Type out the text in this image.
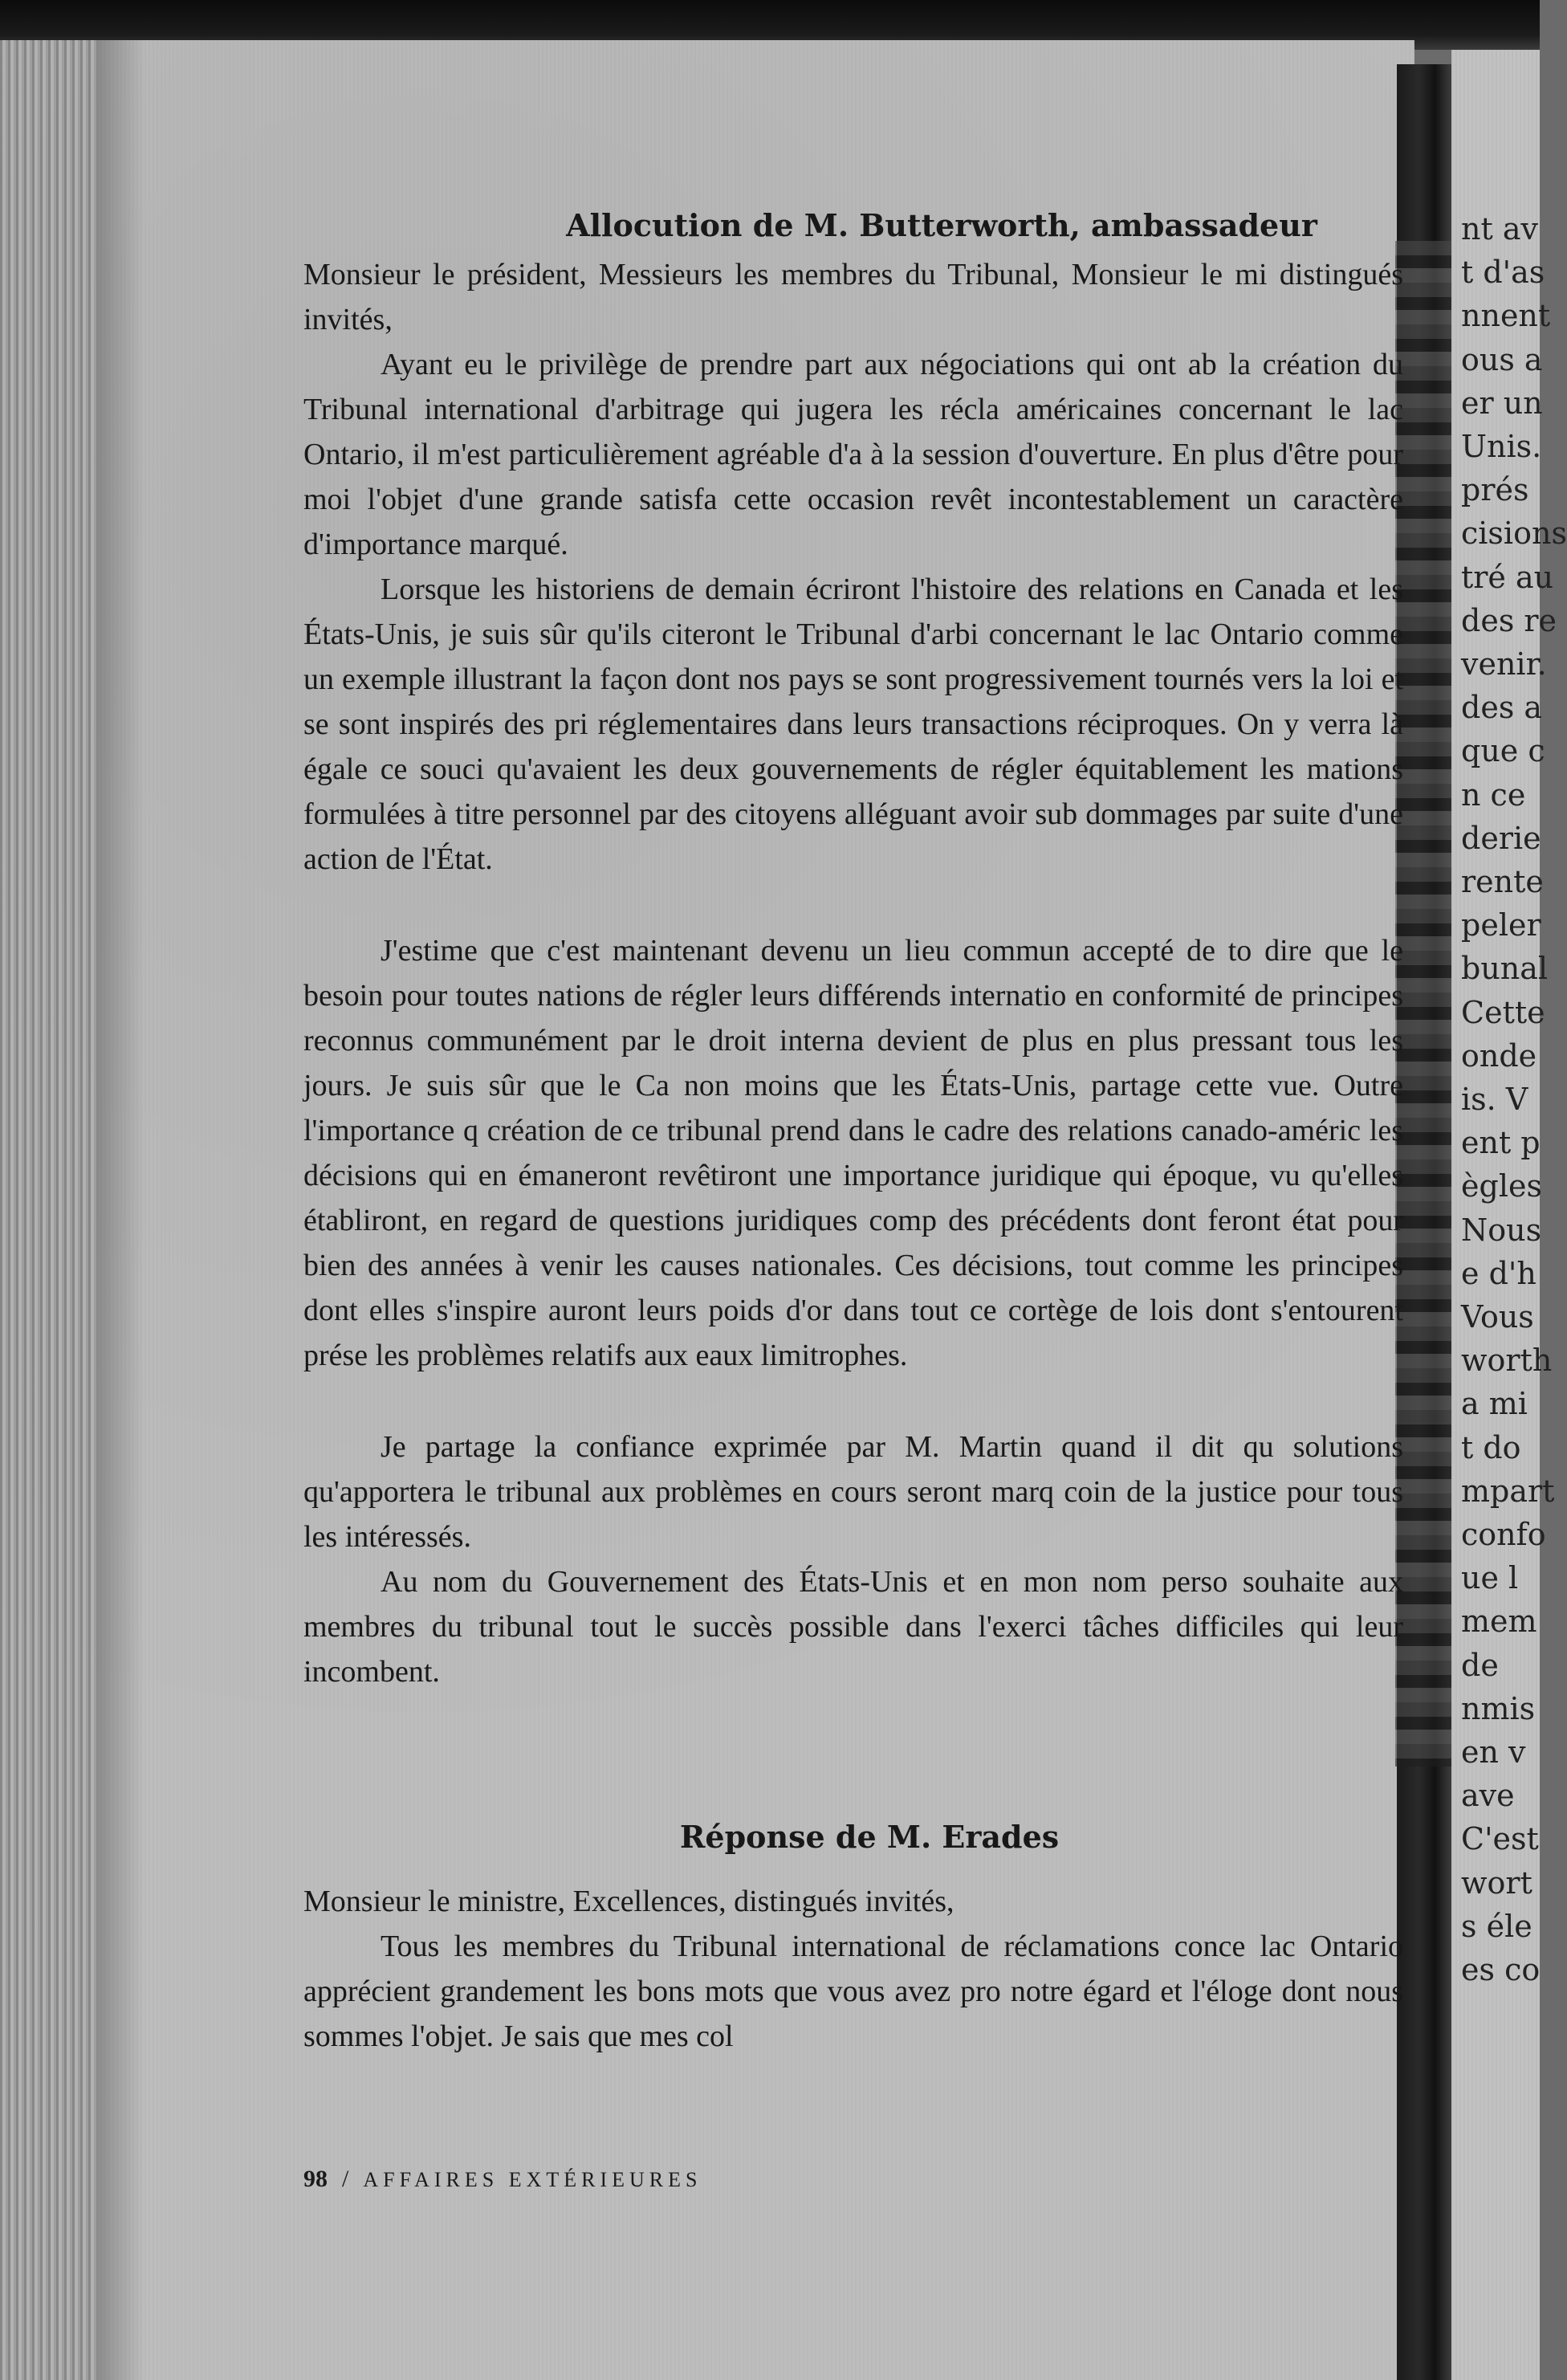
nt av
t d'as
nnent
ous a
er un
Unis.
prés
cisions
tré au
des re
venir.
des a
que c
n ce
derie
rente
peler
bunal
Cette
onde
is. V
ent p
ègles
Nous
e d'h
Vous
worth
a mi
t do
mpart
confo
ue l
mem
de
nmis
en v
ave
C'est
wort
s éle
es co
Allocution de M. Butterworth, ambassadeur
Monsieur le président, Messieurs les membres du Tribunal, Monsieur le mi distingués invités,
Ayant eu le privilège de prendre part aux négociations qui ont ab la création du Tribunal international d'arbitrage qui jugera les récla américaines concernant le lac Ontario, il m'est particulièrement agréable d'a à la session d'ouverture. En plus d'être pour moi l'objet d'une grande satisfa cette occasion revêt incontestablement un caractère d'importance marqué.
Lorsque les historiens de demain écriront l'histoire des relations en Canada et les États-Unis, je suis sûr qu'ils citeront le Tribunal d'arbi concernant le lac Ontario comme un exemple illustrant la façon dont nos pays se sont progressivement tournés vers la loi et se sont inspirés des pri réglementaires dans leurs transactions réciproques. On y verra là égale ce souci qu'avaient les deux gouvernements de régler équitablement les mations formulées à titre personnel par des citoyens alléguant avoir sub dommages par suite d'une action de l'État.
J'estime que c'est maintenant devenu un lieu commun accepté de to dire que le besoin pour toutes nations de régler leurs différends internatio en conformité de principes reconnus communément par le droit interna devient de plus en plus pressant tous les jours. Je suis sûr que le Ca non moins que les États-Unis, partage cette vue. Outre l'importance q création de ce tribunal prend dans le cadre des relations canado-améric les décisions qui en émaneront revêtiront une importance juridique qui époque, vu qu'elles établiront, en regard de questions juridiques comp des précédents dont feront état pour bien des années à venir les causes nationales. Ces décisions, tout comme les principes dont elles s'inspire auront leurs poids d'or dans tout ce cortège de lois dont s'entourent prése les problèmes relatifs aux eaux limitrophes.
Je partage la confiance exprimée par M. Martin quand il dit qu solutions qu'apportera le tribunal aux problèmes en cours seront marq coin de la justice pour tous les intéressés.
Au nom du Gouvernement des États-Unis et en mon nom perso souhaite aux membres du tribunal tout le succès possible dans l'exerci tâches difficiles qui leur incombent.
Réponse de M. Erades
Monsieur le ministre, Excellences, distingués invités,
Tous les membres du Tribunal international de réclamations conce lac Ontario apprécient grandement les bons mots que vous avez pro notre égard et l'éloge dont nous sommes l'objet. Je sais que mes col
98 / AFFAIRES EXTÉRIEURES
